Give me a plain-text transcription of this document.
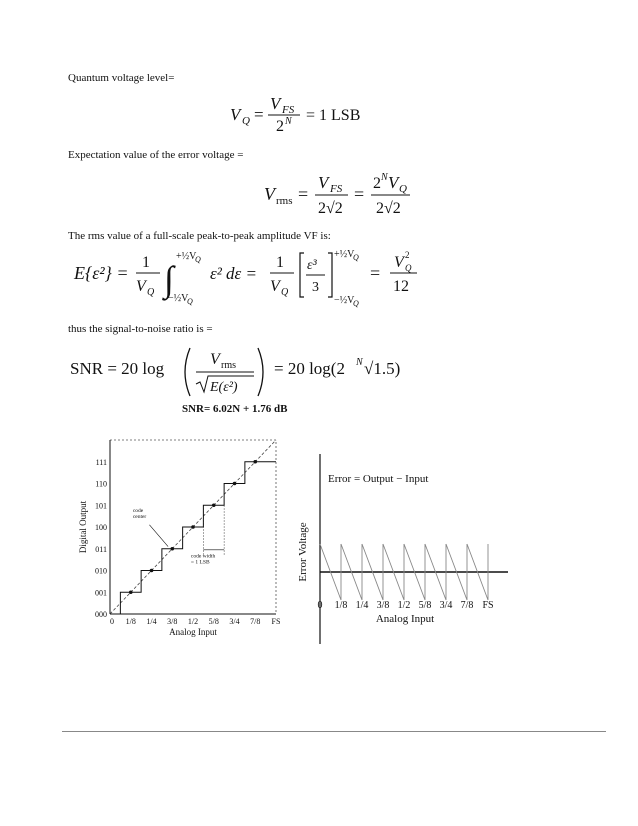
Quantum voltage level=
Expectation value of the error voltage =
The rms value of a full-scale peak-to-peak amplitude VF is:
thus the signal-to-noise ratio is =
V Q =
V FS
2 N = 1 LSB
V rms =
V FS
2√2
=
2 N V Q
2√2
E{ε²} =
1
V Q ∫
+½V
Q
−½V
Q
ε² dε =
1
V Q
ε³
3
+½V
Q
−½V
Q
=
V 2
Q
12
SNR = 20 log	V rms
E(ε²)
= 20 log(2 N √1.5)
SNR= 6.02N + 1.76 dB
000
001
010
011
100
101
110
111
0 1/8 1/4 3/8 1/2 5/8 3/4 7/8 FS
Analog Input
Digital Output	code
center
code width
= 1 LSB
0 1/8 1/4 3/8 1/2 5/8 3/4 7/8 FS
Analog Input
Error Voltage
Error = Output − Input
